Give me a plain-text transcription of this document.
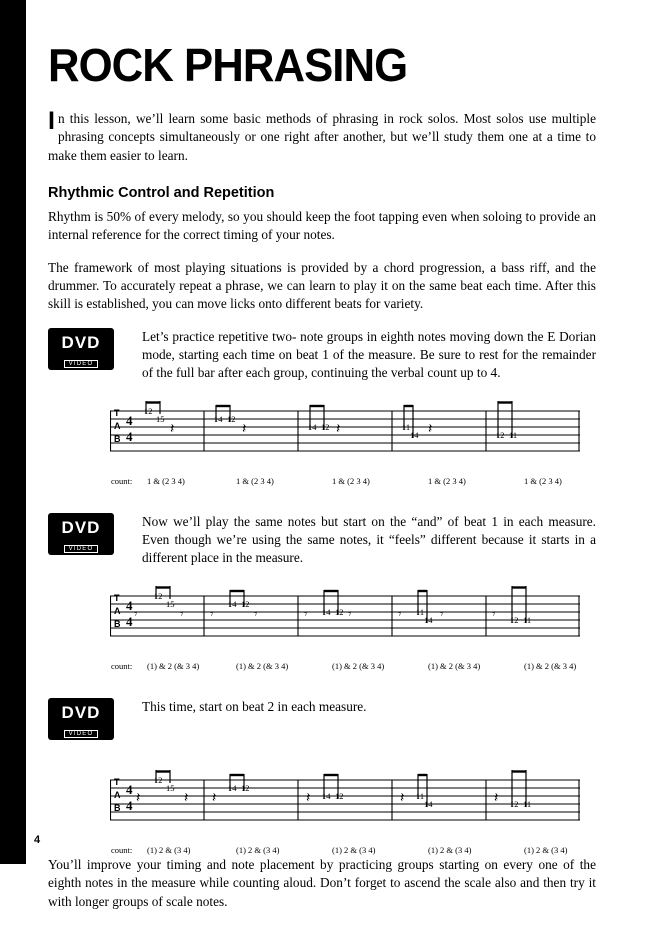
ROCK PHRASING
In this lesson, we’ll learn some basic methods of phrasing in rock solos. Most solos use multiple phrasing concepts simultaneously or one right after another, but we’ll study them one at a time to make them easier to learn.
Rhythmic Control and Repetition

Rhythm is 50% of every melody, so you should keep the foot tapping even when soloing to provide an internal reference for the correct timing of your notes.

The framework of most playing situations is provided by a chord progression, a bass riff, and the drummer. To accurately repeat a phrase, we can learn to play it on the same beat each time. After this skill is established, you can move licks onto different beats for variety.

DVD
VIDEO
Let’s practice repetitive two- note groups in eighth notes moving down the E Dorian mode, starting each time on beat 1 of the measure. Be sure to rest for the remainder of the full bar after each group, continuing the verbal count up to 4.
T
A
B
4
4
12
15	14 12
14 12	11
14	12 11
𝄽	𝄽	𝄽	𝄽
count:	1 & (2 3 4)	1 & (2 3 4)	1 & (2 3 4)	1 & (2 3 4)	1 & (2 3 4)
DVD
VIDEO
Now we’ll play the same notes but start on the “and” of beat 1 in each measure. Even though we’re using the same notes, it “feels” different because it starts in a different place in the measure.
T
A
B
4
4
12
15	14 12
14 12	11
14	12 11
𝄾	𝄾 𝄾	𝄾	𝄾	𝄾	𝄾	𝄾	𝄾
count:	(1) & 2 (& 3 4)	(1) & 2 (& 3 4)	(1) & 2 (& 3 4)	(1) & 2 (& 3 4)	(1) & 2 (& 3 4)
DVD
VIDEO
This time, start on beat 2 in each measure.
T
A
B
4
4
12
15	14 12
14 12	11
14	12 11
𝄽	𝄽 𝄽	𝄽	𝄽	𝄽
count:	(1) 2 & (3 4)	(1) 2 & (3 4)	(1) 2 & (3 4)	(1) 2 & (3 4)	(1) 2 & (3 4)

You’ll improve your timing and note placement by practicing groups starting on every one of the eighth notes in the measure while counting aloud. Don’t forget to ascend the scale also and then try it with longer groups of scale notes.

4
